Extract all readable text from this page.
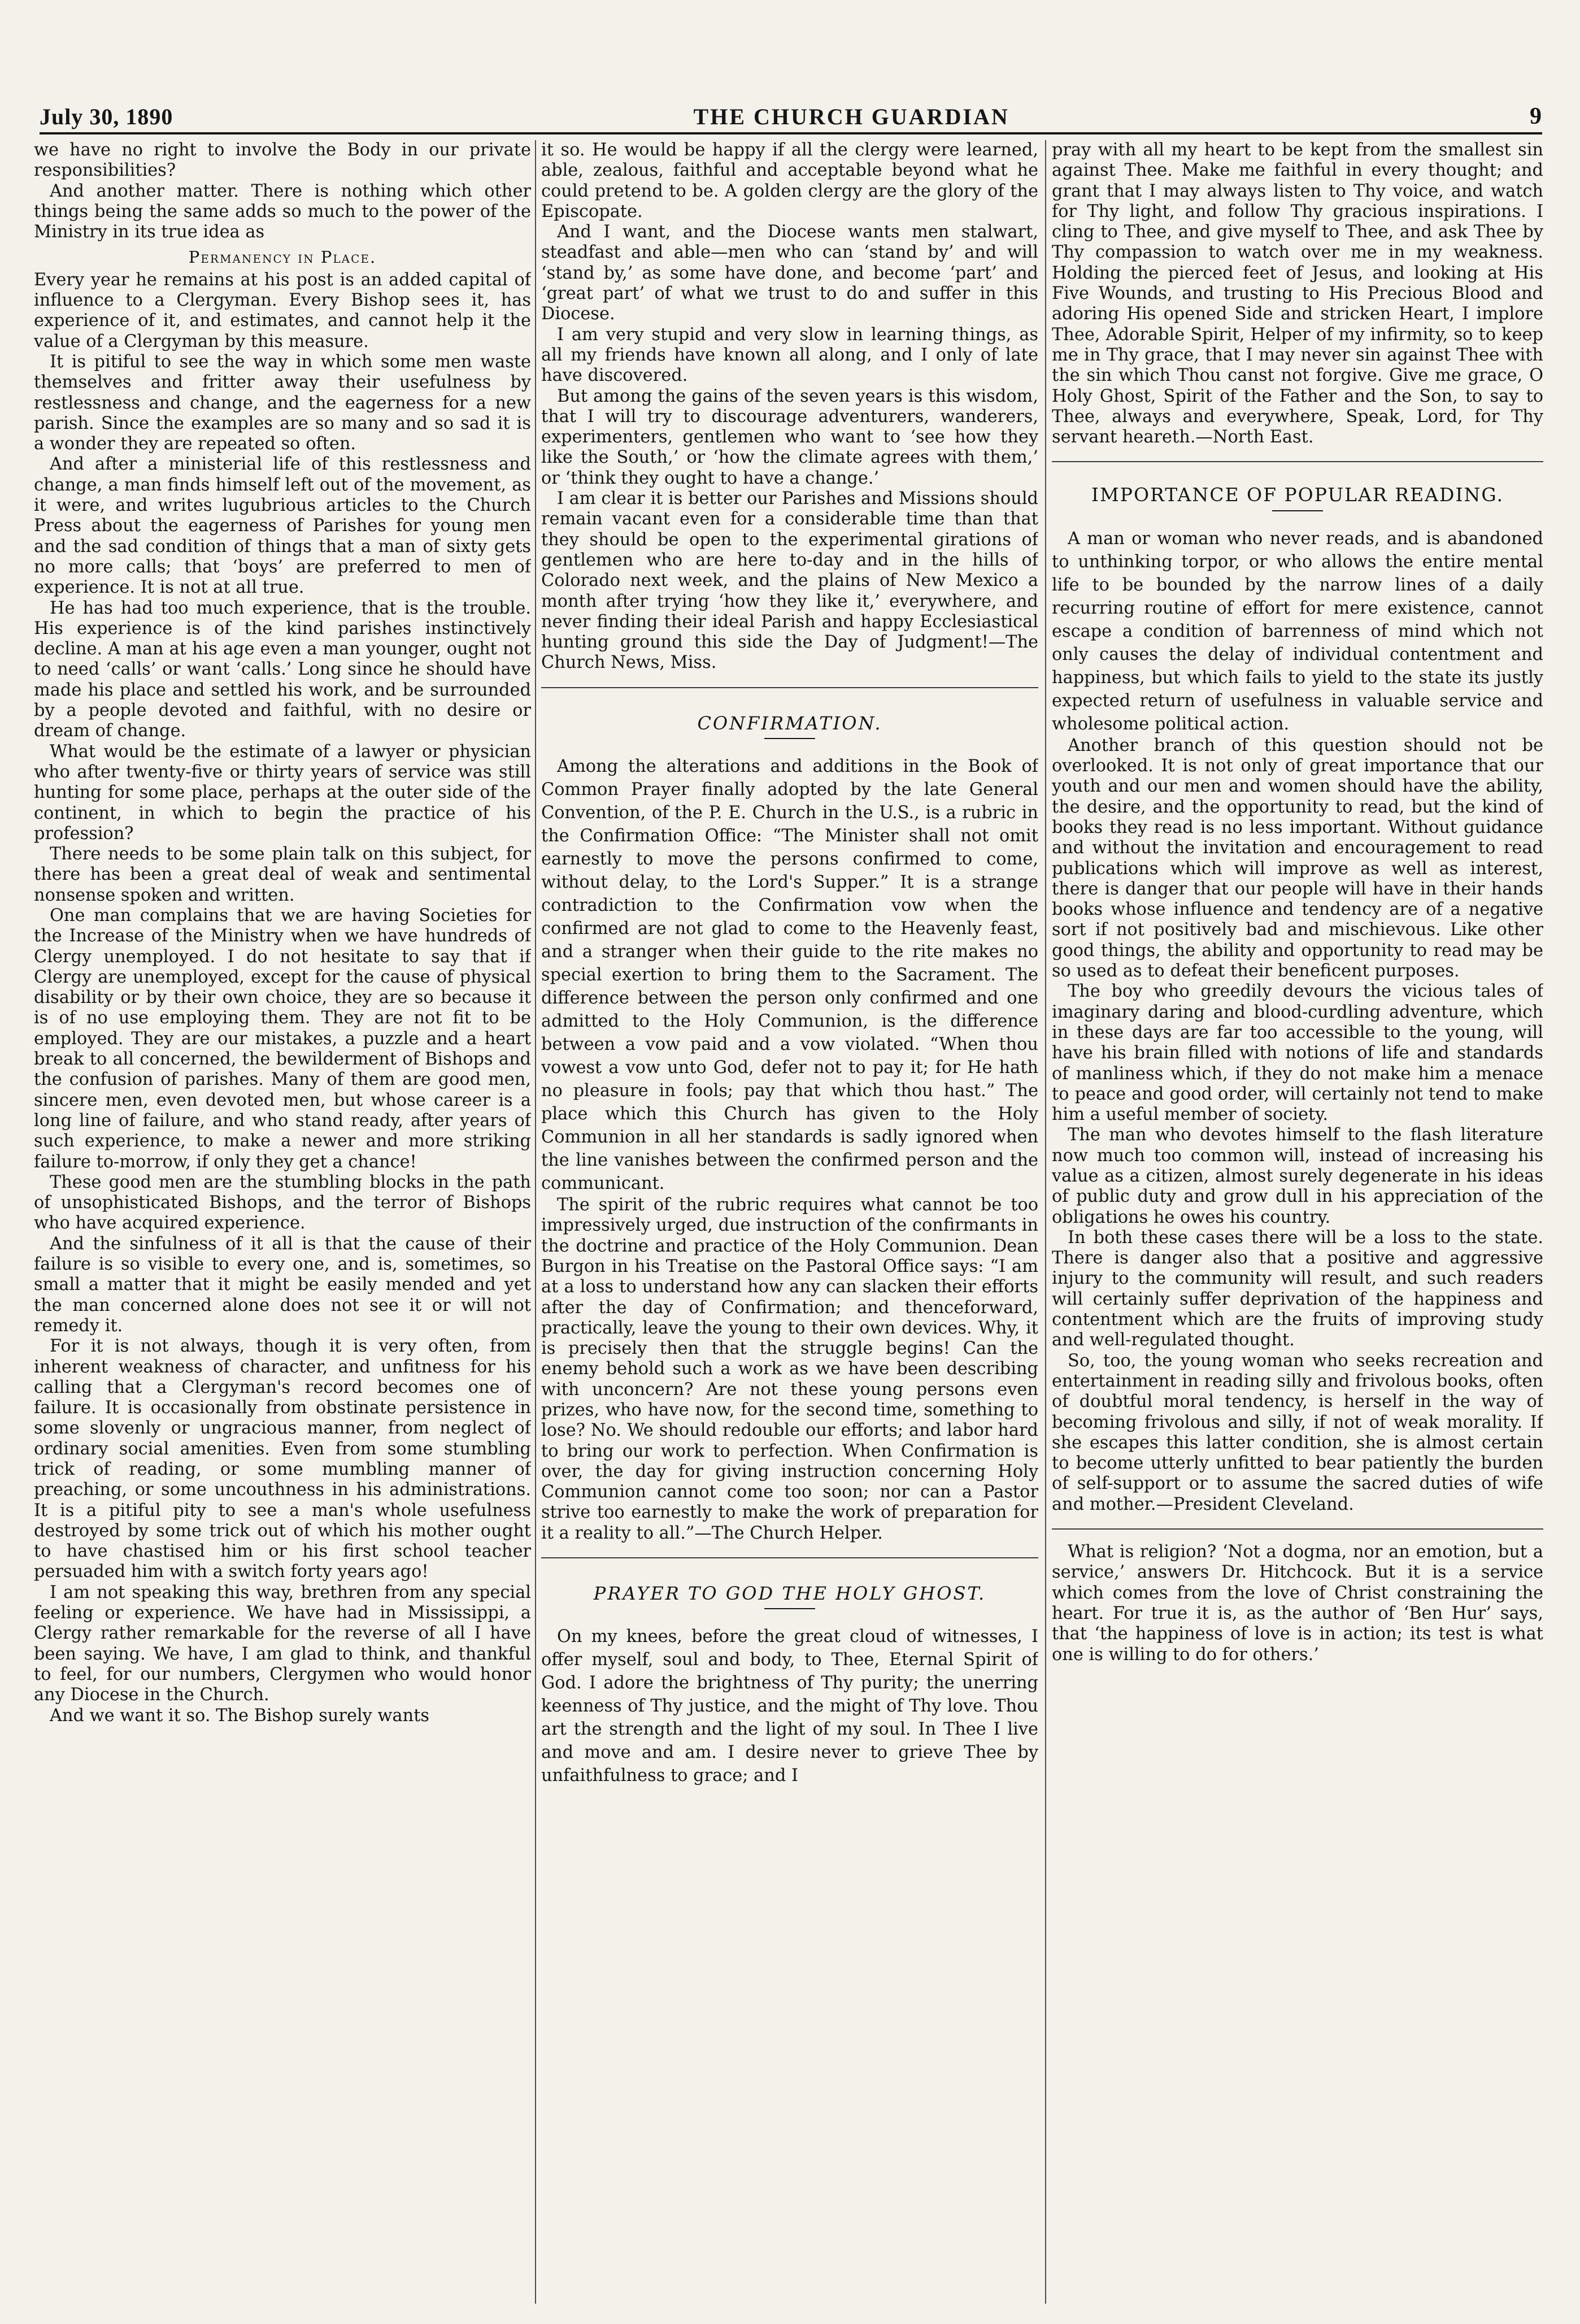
July 30, 1890	THE CHURCH GUARDIAN	9

we have no right to involve the Body in our private responsibilities?

And another matter. There is nothing which other things being the same adds so much to the power of the Ministry in its true idea as

Permanency in Place.

Every year he remains at his post is an added capital of influence to a Clergyman. Every Bishop sees it, has experience of it, and estimates, and cannot help it the value of a Clergyman by this measure.

It is pitiful to see the way in which some men waste themselves and fritter away their usefulness by restlessness and change, and the eagerness for a new parish. Since the examples are so many and so sad it is a wonder they are repeated so often.

And after a ministerial life of this restlessness and change, a man finds himself left out of the movement, as it were, and writes lugubrious articles to the Church Press about the eagerness of Parishes for young men and the sad condition of things that a man of sixty gets no more calls; that ‘boys’ are preferred to men of experience. It is not at all true.

He has had too much experience, that is the trouble. His experience is of the kind parishes instinctively decline. A man at his age even a man younger, ought not to need ‘calls’ or want ‘calls.’ Long since he should have made his place and settled his work, and be surrounded by a people devoted and faithful, with no desire or dream of change.

What would be the estimate of a lawyer or physician who after twenty-five or thirty years of service was still hunting for some place, perhaps at the outer side of the continent, in which to begin the practice of his profession?

There needs to be some plain talk on this subject, for there has been a great deal of weak and sentimental nonsense spoken and written.

One man complains that we are having Societies for the Increase of the Ministry when we have hundreds of Clergy unemployed. I do not hesitate to say that if Clergy are unemployed, except for the cause of physical disability or by their own choice, they are so because it is of no use employing them. They are not fit to be employed. They are our mistakes, a puzzle and a heart break to all concerned, the bewilderment of Bishops and the confusion of parishes. Many of them are good men, sincere men, even devoted men, but whose career is a long line of failure, and who stand ready, after years of such experience, to make a newer and more striking failure to-morrow, if only they get a chance!

These good men are the stumbling blocks in the path of unsophisticated Bishops, and the terror of Bishops who have acquired experience.

And the sinfulness of it all is that the cause of their failure is so visible to every one, and is, sometimes, so small a matter that it might be easily mended and yet the man concerned alone does not see it or will not remedy it.

For it is not always, though it is very often, from inherent weakness of character, and unfitness for his calling that a Clergyman's record becomes one of failure. It is occasionally from obstinate persistence in some slovenly or ungracious manner, from neglect of ordinary social amenities. Even from some stumbling trick of reading, or some mumbling manner of preaching, or some uncouthness in his administrations. It is a pitiful pity to see a man's whole usefulness destroyed by some trick out of which his mother ought to have chastised him or his first school teacher persuaded him with a switch forty years ago!

I am not speaking this way, brethren from any special feeling or experience. We have had in Mississippi, a Clergy rather remarkable for the reverse of all I have been saying. We have, I am glad to think, and thankful to feel, for our numbers, Clergymen who would honor any Diocese in the Church.

And we want it so. The Bishop surely wants

it so. He would be happy if all the clergy were learned, able, zealous, faithful and acceptable beyond what he could pretend to be. A golden clergy are the glory of the Episcopate.

And I want, and the Diocese wants men stalwart, steadfast and able—men who can ‘stand by’ and will ‘stand by,’ as some have done, and become ‘part’ and ‘great part’ of what we trust to do and suffer in this Diocese.

I am very stupid and very slow in learning things, as all my friends have known all along, and I only of late have discovered.

But among the gains of the seven years is this wisdom, that I will try to discourage adventurers, wanderers, experimenters, gentlemen who want to ‘see how they like the South,’ or ‘how the climate agrees with them,’ or ‘think they ought to have a change.’

I am clear it is better our Parishes and Missions should remain vacant even for a considerable time than that they should be open to the experimental girations of gentlemen who are here to-day and in the hills of Colorado next week, and the plains of New Mexico a month after trying ‘how they like it,’ everywhere, and never finding their ideal Parish and happy Ecclesiastical hunting ground this side the Day of Judgment!—The Church News, Miss.

CONFIRMATION.

Among the alterations and additions in the Book of Common Prayer finally adopted by the late General Convention, of the P. E. Church in the U.S., is a rubric in the Confirmation Office: “The Minister shall not omit earnestly to move the persons confirmed to come, without delay, to the Lord's Supper.” It is a strange contradiction to the Confirmation vow when the confirmed are not glad to come to the Heavenly feast, and a stranger when their guide to the rite makes no special exertion to bring them to the Sacrament. The difference between the person only confirmed and one admitted to the Holy Communion, is the difference between a vow paid and a vow violated. “When thou vowest a vow unto God, defer not to pay it; for He hath no pleasure in fools; pay that which thou hast.” The place which this Church has given to the Holy Communion in all her standards is sadly ignored when the line vanishes between the confirmed person and the communicant.

The spirit of the rubric requires what cannot be too impressively urged, due instruction of the confirmants in the doctrine and practice of the Holy Communion. Dean Burgon in his Treatise on the Pastoral Office says: “I am at a loss to understand how any can slacken their efforts after the day of Confirmation; and thenceforward, practically, leave the young to their own devices. Why, it is precisely then that the struggle begins! Can the enemy behold such a work as we have been describing with unconcern? Are not these young persons even prizes, who have now, for the second time, something to lose? No. We should redouble our efforts; and labor hard to bring our work to perfection. When Confirmation is over, the day for giving instruction concerning Holy Communion cannot come too soon; nor can a Pastor strive too earnestly to make the work of preparation for it a reality to all.”—The Church Helper.

PRAYER TO GOD THE HOLY GHOST.

On my knees, before the great cloud of witnesses, I offer myself, soul and body, to Thee, Eternal Spirit of God. I adore the brightness of Thy purity; the unerring keenness of Thy justice, and the might of Thy love. Thou art the strength and the light of my soul. In Thee I live and move and am. I desire never to grieve Thee by unfaithfulness to grace; and I

pray with all my heart to be kept from the smallest sin against Thee. Make me faithful in every thought; and grant that I may always listen to Thy voice, and watch for Thy light, and follow Thy gracious inspirations. I cling to Thee, and give myself to Thee, and ask Thee by Thy compassion to watch over me in my weakness. Holding the pierced feet of Jesus, and looking at His Five Wounds, and trusting to His Precious Blood and adoring His opened Side and stricken Heart, I implore Thee, Adorable Spirit, Helper of my infirmity, so to keep me in Thy grace, that I may never sin against Thee with the sin which Thou canst not forgive. Give me grace, O Holy Ghost, Spirit of the Father and the Son, to say to Thee, always and everywhere, Speak, Lord, for Thy servant heareth.—North East.

IMPORTANCE OF POPULAR READING.

A man or woman who never reads, and is abandoned to unthinking torpor, or who allows the entire mental life to be bounded by the narrow lines of a daily recurring routine of effort for mere existence, cannot escape a condition of barrenness of mind which not only causes the delay of individual contentment and happiness, but which fails to yield to the state its justly expected return of usefulness in valuable service and wholesome political action.

Another branch of this question should not be overlooked. It is not only of great importance that our youth and our men and women should have the ability, the desire, and the opportunity to read, but the kind of books they read is no less important. Without guidance and without the invitation and encouragement to read publications which will improve as well as interest, there is danger that our people will have in their hands books whose influence and tendency are of a negative sort if not positively bad and mischievous. Like other good things, the ability and opportunity to read may be so used as to defeat their beneficent purposes.

The boy who greedily devours the vicious tales of imaginary daring and blood-curdling adventure, which in these days are far too accessible to the young, will have his brain filled with notions of life and standards of manliness which, if they do not make him a menace to peace and good order, will certainly not tend to make him a useful member of society.

The man who devotes himself to the flash literature now much too common will, instead of increasing his value as a citizen, almost surely degenerate in his ideas of public duty and grow dull in his appreciation of the obligations he owes his country.

In both these cases there will be a loss to the state. There is danger also that a positive and aggressive injury to the community will result, and such readers will certainly suffer deprivation of the happiness and contentment which are the fruits of improving study and well-regulated thought.

So, too, the young woman who seeks recreation and entertainment in reading silly and frivolous books, often of doubtful moral tendency, is herself in the way of becoming frivolous and silly, if not of weak morality. If she escapes this latter condition, she is almost certain to become utterly unfitted to bear patiently the burden of self-support or to assume the sacred duties of wife and mother.—President Cleveland.

What is religion? ‘Not a dogma, nor an emotion, but a service,’ answers Dr. Hitchcock. But it is a service which comes from the love of Christ constraining the heart. For true it is, as the author of ‘Ben Hur’ says, that ‘the happiness of love is in action; its test is what one is willing to do for others.’
